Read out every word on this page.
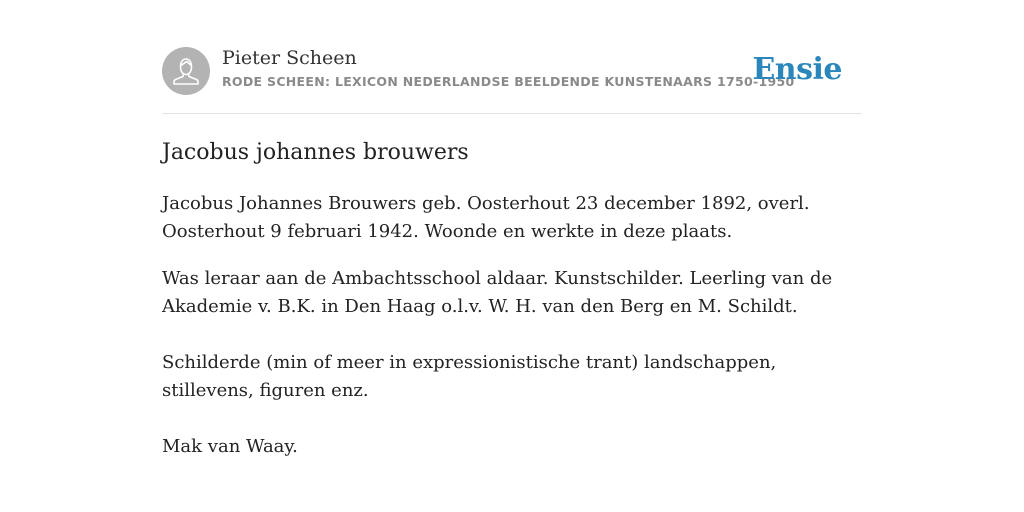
Pieter Scheen
RODE SCHEEN: LEXICON NEDERLANDSE BEELDENDE KUNSTENAARS 1750-1950
Ensie
Jacobus johannes brouwers

Jacobus Johannes Brouwers geb. Oosterhout 23 december 1892, overl. Oosterhout 9 februari 1942. Woonde en werkte in deze plaats.

Was leraar aan de Ambachtsschool aldaar. Kunstschilder. Leerling van de Akademie v. B.K. in Den Haag o.l.v. W. H. van den Berg en M. Schildt.

Schilderde (min of meer in expressionistische trant) landschappen, stillevens, figuren enz.

Mak van Waay.
